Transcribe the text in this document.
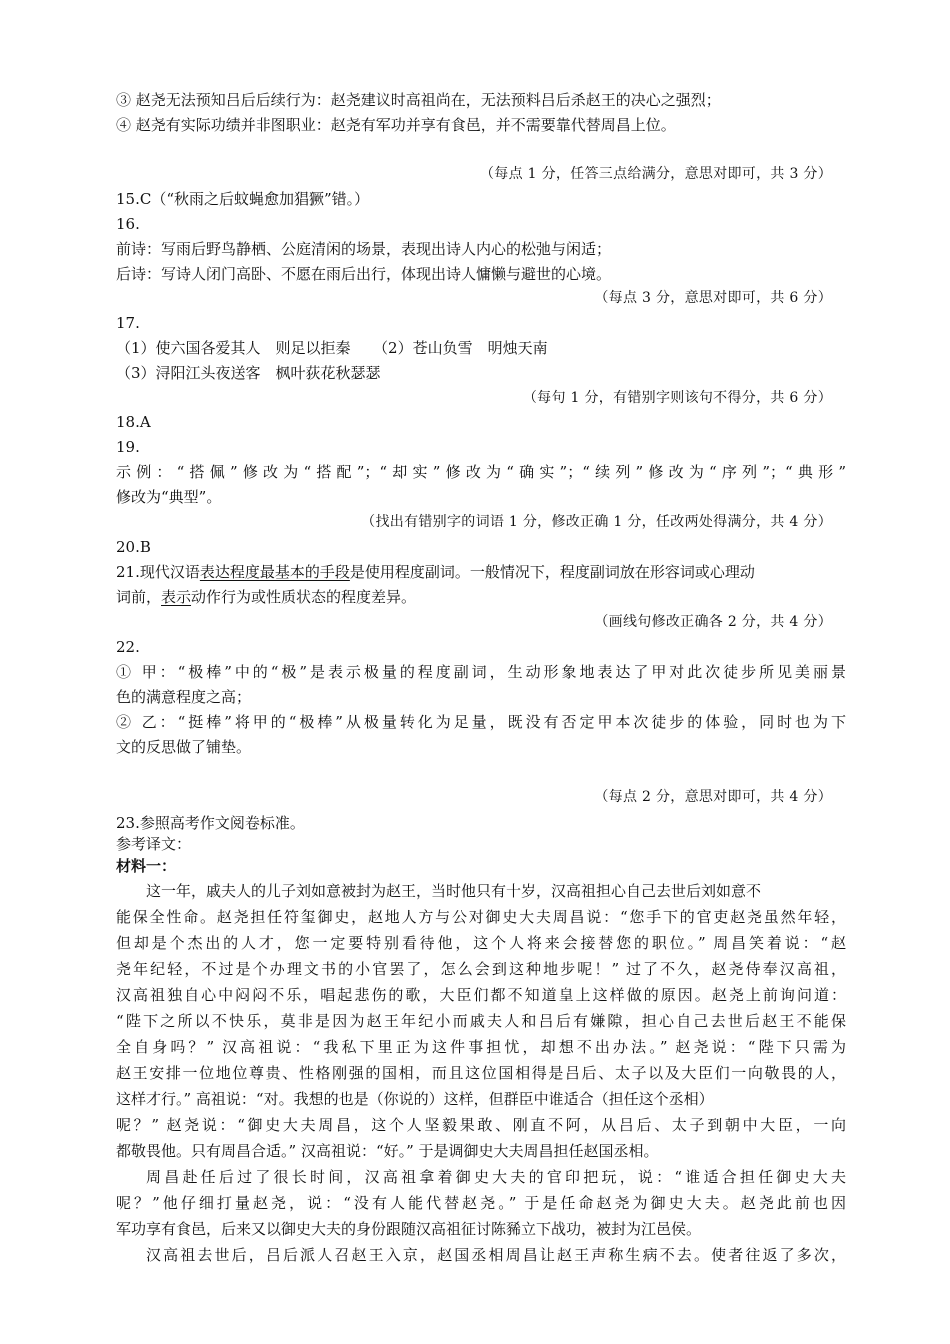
③ 赵尧无法预知吕后后续行为：赵尧建议时高祖尚在，无法预料吕后杀赵王的决心之强烈；
④ 赵尧有实际功绩并非图职业：赵尧有军功并享有食邑，并不需要靠代替周昌上位。
（每点 1 分，任答三点给满分，意思对即可，共 3 分）
15.C（“秋雨之后蚊蝇愈加猖獗”错。）
16.
前诗：写雨后野鸟静栖、公庭清闲的场景，表现出诗人内心的松弛与闲适；
后诗：写诗人闭门高卧、不愿在雨后出行，体现出诗人慵懒与避世的心境。
（每点 3 分，意思对即可，共 6 分）
17.
（1）使六国各爱其人　则足以拒秦　　（2）苍山负雪　明烛天南
（3）浔阳江头夜送客　枫叶荻花秋瑟瑟
（每句 1 分，有错别字则该句不得分，共 6 分）
18.A
19.
示例：“搭佩”修改为“搭配”；“却实”修改为“确实”；“续列”修改为“序列”；“典形”
修改为“典型”。
（找出有错别字的词语 1 分，修改正确 1 分，任改两处得满分，共 4 分）
20.B
21.现代汉语表达程度最基本的手段是使用程度副词。一般情况下，程度副词放在形容词或心理动
词前，表示动作行为或性质状态的程度差异。
（画线句修改正确各 2 分，共 4 分）
22.
① 甲：“极棒”中的“极”是表示极量的程度副词，生动形象地表达了甲对此次徒步所见美丽景
色的满意程度之高；
② 乙：“挺棒”将甲的“极棒”从极量转化为足量，既没有否定甲本次徒步的体验，同时也为下
文的反思做了铺垫。
（每点 2 分，意思对即可，共 4 分）
23.参照高考作文阅卷标准。
参考译文：
材料一：
这一年，戚夫人的儿子刘如意被封为赵王，当时他只有十岁，汉高祖担心自己去世后刘如意不
能保全性命。赵尧担任符玺御史，赵地人方与公对御史大夫周昌说：“您手下的官吏赵尧虽然年轻，
但却是个杰出的人才，您一定要特别看待他，这个人将来会接替您的职位。” 周昌笑着说：“赵
尧年纪轻，不过是个办理文书的小官罢了，怎么会到这种地步呢！” 过了不久，赵尧侍奉汉高祖，
汉高祖独自心中闷闷不乐，唱起悲伤的歌，大臣们都不知道皇上这样做的原因。赵尧上前询问道：
“陛下之所以不快乐，莫非是因为赵王年纪小而戚夫人和吕后有嫌隙，担心自己去世后赵王不能保
全自身吗？” 汉高祖说：“我私下里正为这件事担忧，却想不出办法。” 赵尧说：“陛下只需为
赵王安排一位地位尊贵、性格刚强的国相，而且这位国相得是吕后、太子以及大臣们一向敬畏的人，
这样才行。” 高祖说：“对。我想的也是（你说的）这样，但群臣中谁适合（担任这个丞相）
呢？” 赵尧说：“御史大夫周昌，这个人坚毅果敢、刚直不阿，从吕后、太子到朝中大臣，一向
都敬畏他。只有周昌合适。” 汉高祖说：“好。” 于是调御史大夫周昌担任赵国丞相。
周昌赴任后过了很长时间，汉高祖拿着御史大夫的官印把玩，说：“谁适合担任御史大夫
呢？”他仔细打量赵尧，说：“没有人能代替赵尧。” 于是任命赵尧为御史大夫。赵尧此前也因
军功享有食邑，后来又以御史大夫的身份跟随汉高祖征讨陈豨立下战功，被封为江邑侯。
汉高祖去世后，吕后派人召赵王入京，赵国丞相周昌让赵王声称生病不去。使者往返了多次，
